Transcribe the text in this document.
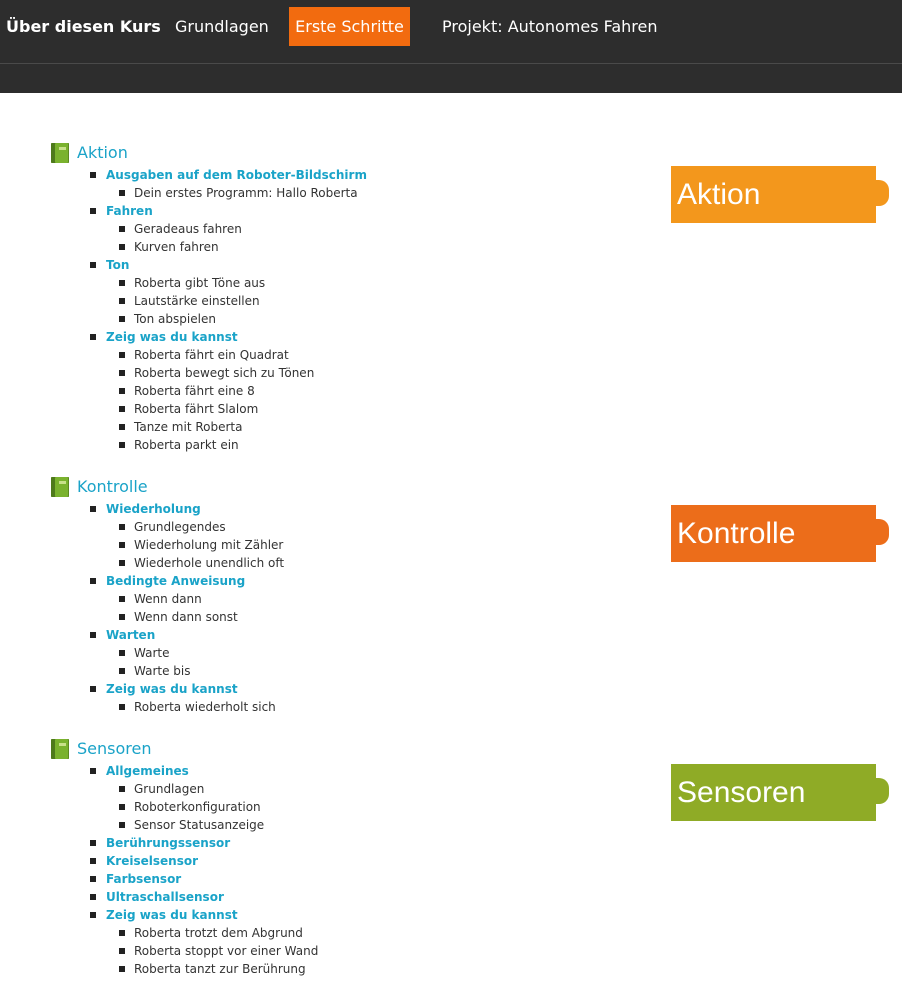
Über diesen Kurs Grundlagen	Erste Schritte	Projekt: Autonomes Fahren
Aktion
Ausgaben auf dem Roboter-Bildschirm
Dein erstes Programm: Hallo Roberta
Fahren
Geradeaus fahren
Kurven fahren
Ton
Roberta gibt Töne aus
Lautstärke einstellen
Ton abspielen
Zeig was du kannst
Roberta fährt ein Quadrat
Roberta bewegt sich zu Tönen
Roberta fährt eine 8
Roberta fährt Slalom
Tanze mit Roberta
Roberta parkt ein
Aktion
Kontrolle
Wiederholung
Grundlegendes
Wiederholung mit Zähler
Wiederhole unendlich oft
Bedingte Anweisung
Wenn dann
Wenn dann sonst
Warten
Warte
Warte bis
Zeig was du kannst
Roberta wiederholt sich
Kontrolle
Sensoren
Allgemeines
Grundlagen
Roboterkonfiguration
Sensor Statusanzeige
Berührungssensor
Kreiselsensor
Farbsensor
Ultraschallsensor
Zeig was du kannst
Roberta trotzt dem Abgrund
Roberta stoppt vor einer Wand
Roberta tanzt zur Berührung
Sensoren
